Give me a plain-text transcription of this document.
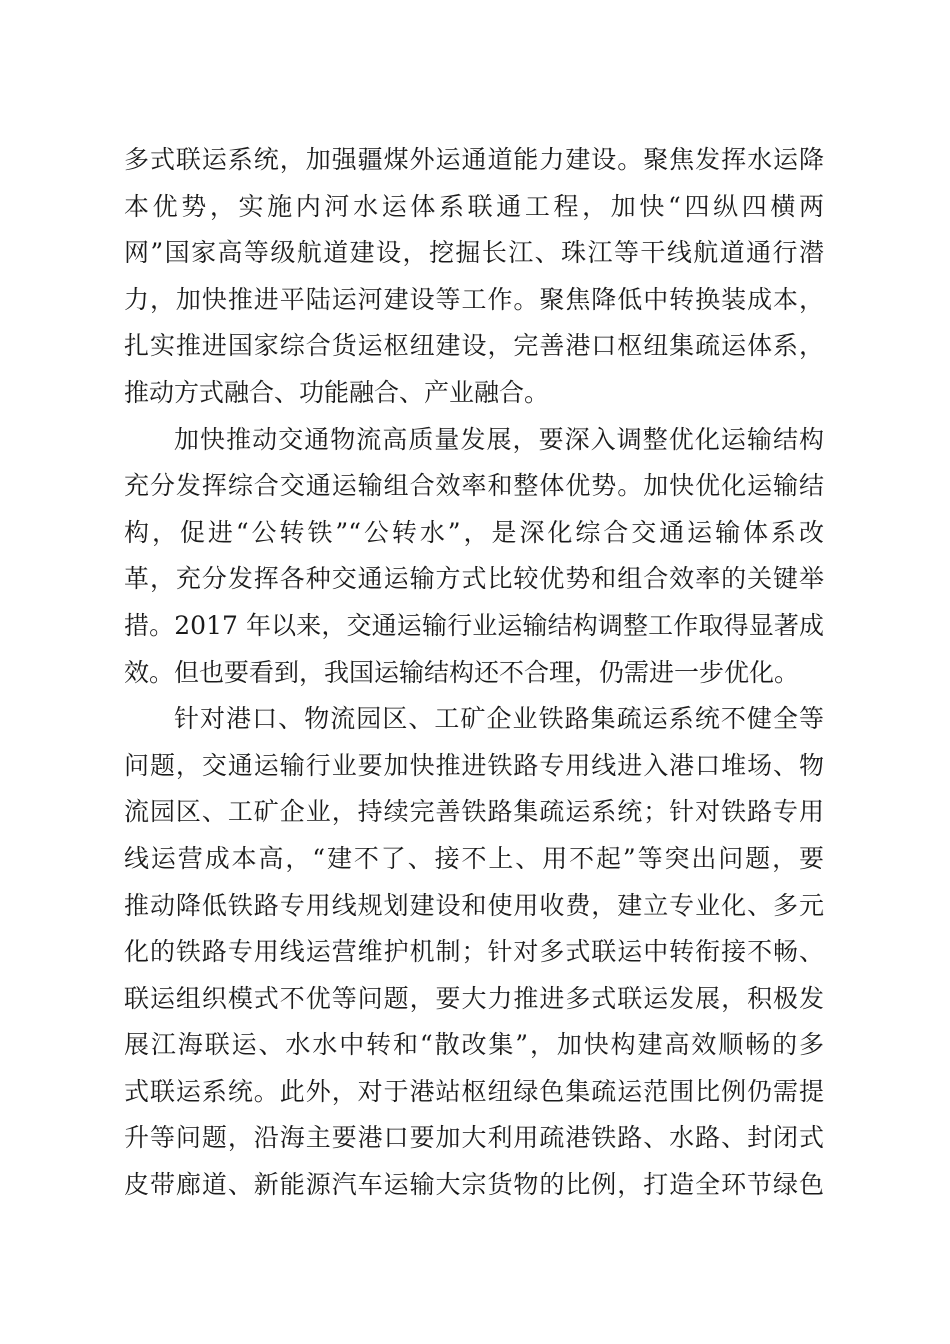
多式联运系统，加强疆煤外运通道能力建设。聚焦发挥水运降
本优势，实施内河水运体系联通工程，加快“四纵四横两
网”国家高等级航道建设，挖掘长江、珠江等干线航道通行潜
力，加快推进平陆运河建设等工作。聚焦降低中转换装成本，
扎实推进国家综合货运枢纽建设，完善港口枢纽集疏运体系，
推动方式融合、功能融合、产业融合。
加快推动交通物流高质量发展，要深入调整优化运输结构
充分发挥综合交通运输组合效率和整体优势。加快优化运输结
构，促进“公转铁”“公转水”，是深化综合交通运输体系改
革，充分发挥各种交通运输方式比较优势和组合效率的关键举
措。2017 年以来，交通运输行业运输结构调整工作取得显著成
效。但也要看到，我国运输结构还不合理，仍需进一步优化。
针对港口、物流园区、工矿企业铁路集疏运系统不健全等
问题，交通运输行业要加快推进铁路专用线进入港口堆场、物
流园区、工矿企业，持续完善铁路集疏运系统；针对铁路专用
线运营成本高，“建不了、接不上、用不起”等突出问题，要
推动降低铁路专用线规划建设和使用收费，建立专业化、多元
化的铁路专用线运营维护机制；针对多式联运中转衔接不畅、
联运组织模式不优等问题，要大力推进多式联运发展，积极发
展江海联运、水水中转和“散改集”，加快构建高效顺畅的多
式联运系统。此外，对于港站枢纽绿色集疏运范围比例仍需提
升等问题，沿海主要港口要加大利用疏港铁路、水路、封闭式
皮带廊道、新能源汽车运输大宗货物的比例，打造全环节绿色
